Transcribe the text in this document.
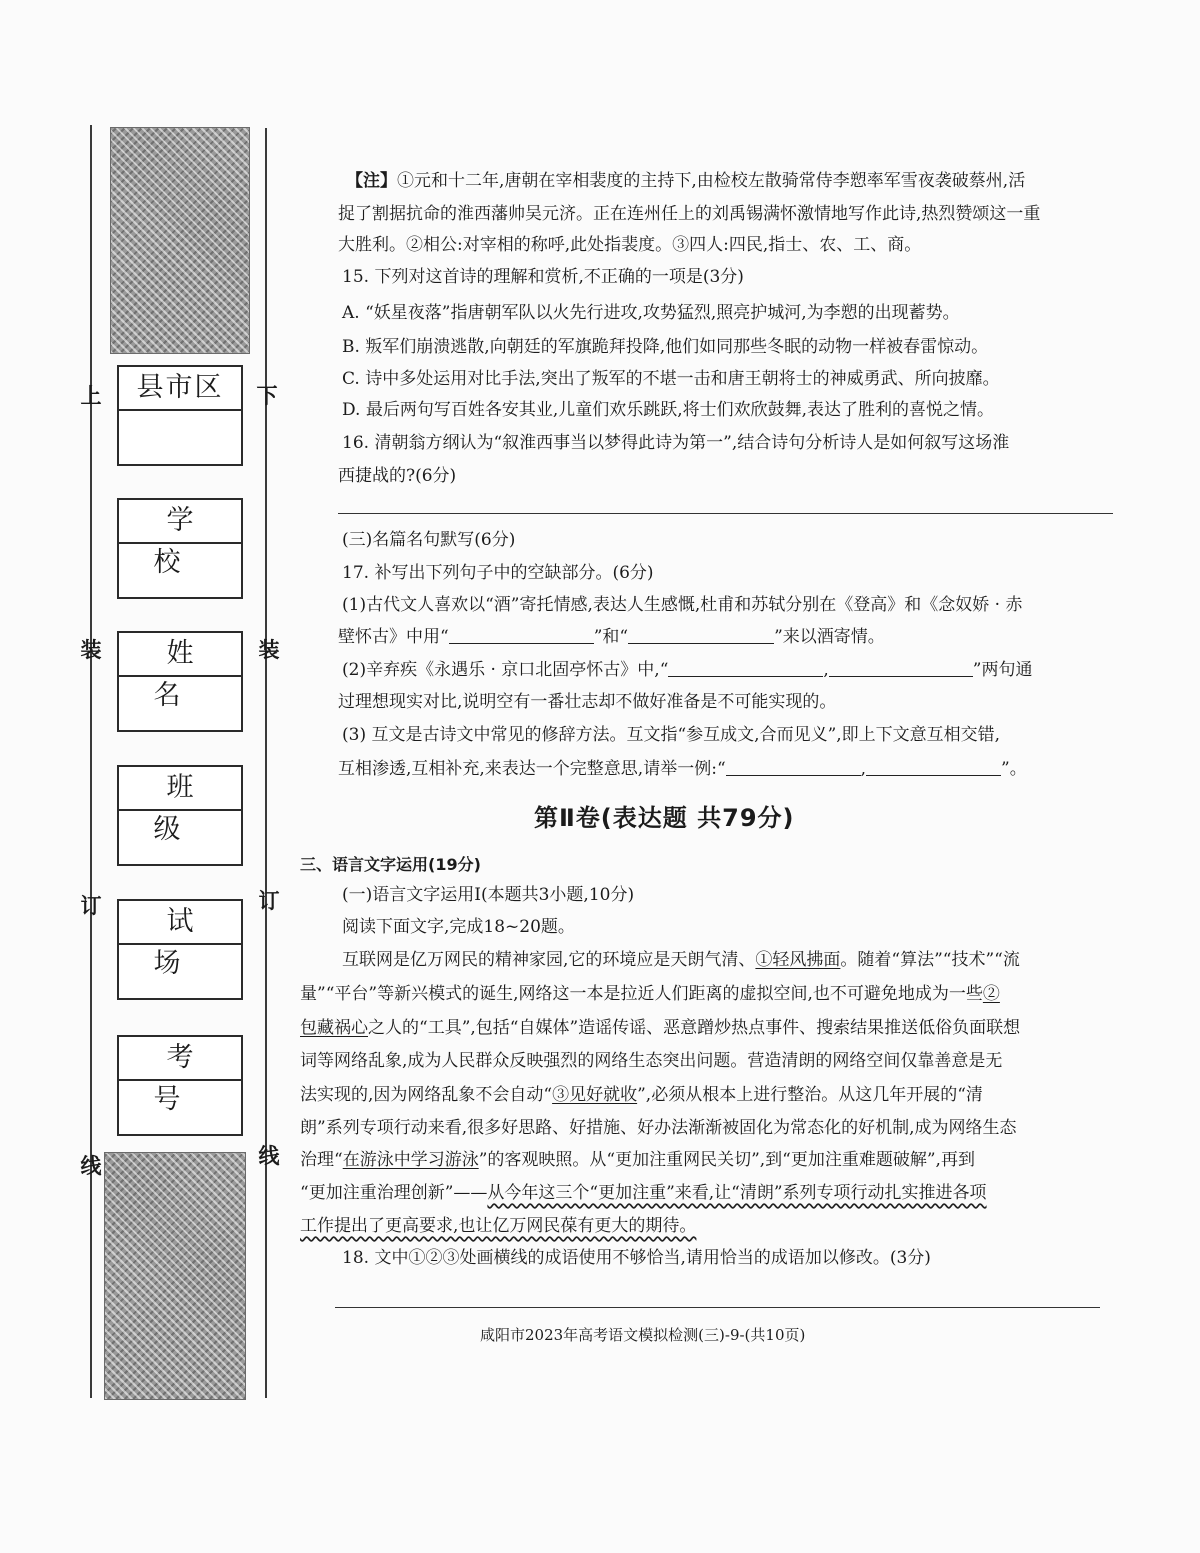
县市区
学 校
姓 名
班 级
试 场
考 号
上
装
订
线
下
装
订
线
【注】①元和十二年,唐朝在宰相裴度的主持下,由检校左散骑常侍李愬率军雪夜袭破蔡州,活
捉了割据抗命的淮西藩帅吴元济。正在连州任上的刘禹锡满怀激情地写作此诗,热烈赞颂这一重
大胜利。②相公:对宰相的称呼,此处指裴度。③四人:四民,指士、农、工、商。
15. 下列对这首诗的理解和赏析,不正确的一项是(3分)
A. “妖星夜落”指唐朝军队以火先行进攻,攻势猛烈,照亮护城河,为李愬的出现蓄势。
B. 叛军们崩溃逃散,向朝廷的军旗跪拜投降,他们如同那些冬眠的动物一样被春雷惊动。
C. 诗中多处运用对比手法,突出了叛军的不堪一击和唐王朝将士的神威勇武、所向披靡。
D. 最后两句写百姓各安其业,儿童们欢乐跳跃,将士们欢欣鼓舞,表达了胜利的喜悦之情。
16. 清朝翁方纲认为“叙淮西事当以梦得此诗为第一”,结合诗句分析诗人是如何叙写这场淮
西捷战的?(6分)
(三)名篇名句默写(6分)
17. 补写出下列句子中的空缺部分。(6分)
(1)古代文人喜欢以“酒”寄托情感,表达人生感慨,杜甫和苏轼分别在《登高》和《念奴娇 · 赤
壁怀古》中用“	”和“	”来以酒寄情。
(2)辛弃疾《永遇乐 · 京口北固亭怀古》中,“	,	”两句通
过理想现实对比,说明空有一番壮志却不做好准备是不可能实现的。
(3) 互文是古诗文中常见的修辞方法。互文指“参互成文,合而见义”,即上下文意互相交错,
互相渗透,互相补充,来表达一个完整意思,请举一例:“	,	”。
第Ⅱ卷(表达题 共79分)
三、语言文字运用(19分)
(一)语言文字运用Ⅰ(本题共3小题,10分)
阅读下面文字,完成18~20题。
互联网是亿万网民的精神家园,它的环境应是天朗气清、①轻风拂面。随着“算法”“技术”“流
量”“平台”等新兴模式的诞生,网络这一本是拉近人们距离的虚拟空间,也不可避免地成为一些②
包藏祸心之人的“工具”,包括“自媒体”造谣传谣、恶意蹭炒热点事件、搜索结果推送低俗负面联想
词等网络乱象,成为人民群众反映强烈的网络生态突出问题。营造清朗的网络空间仅靠善意是无
法实现的,因为网络乱象不会自动“③见好就收”,必须从根本上进行整治。从这几年开展的“清
朗”系列专项行动来看,很多好思路、好措施、好办法渐渐被固化为常态化的好机制,成为网络生态
治理“在游泳中学习游泳”的客观映照。从“更加注重网民关切”,到“更加注重难题破解”,再到
“更加注重治理创新”——从今年这三个“更加注重”来看,让“清朗”系列专项行动扎实推进各项
工作提出了更高要求,也让亿万网民葆有更大的期待。
18. 文中①②③处画横线的成语使用不够恰当,请用恰当的成语加以修改。(3分)
咸阳市2023年高考语文模拟检测(三)-9-(共10页)
